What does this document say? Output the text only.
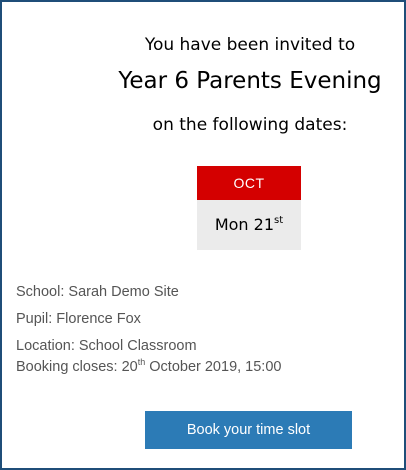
You have been invited to
Year 6 Parents Evening
on the following dates:
OCT
Mon 21st
School: Sarah Demo Site
Pupil: Florence Fox
Location: School Classroom
Booking closes: 20th October 2019, 15:00
Book your time slot
